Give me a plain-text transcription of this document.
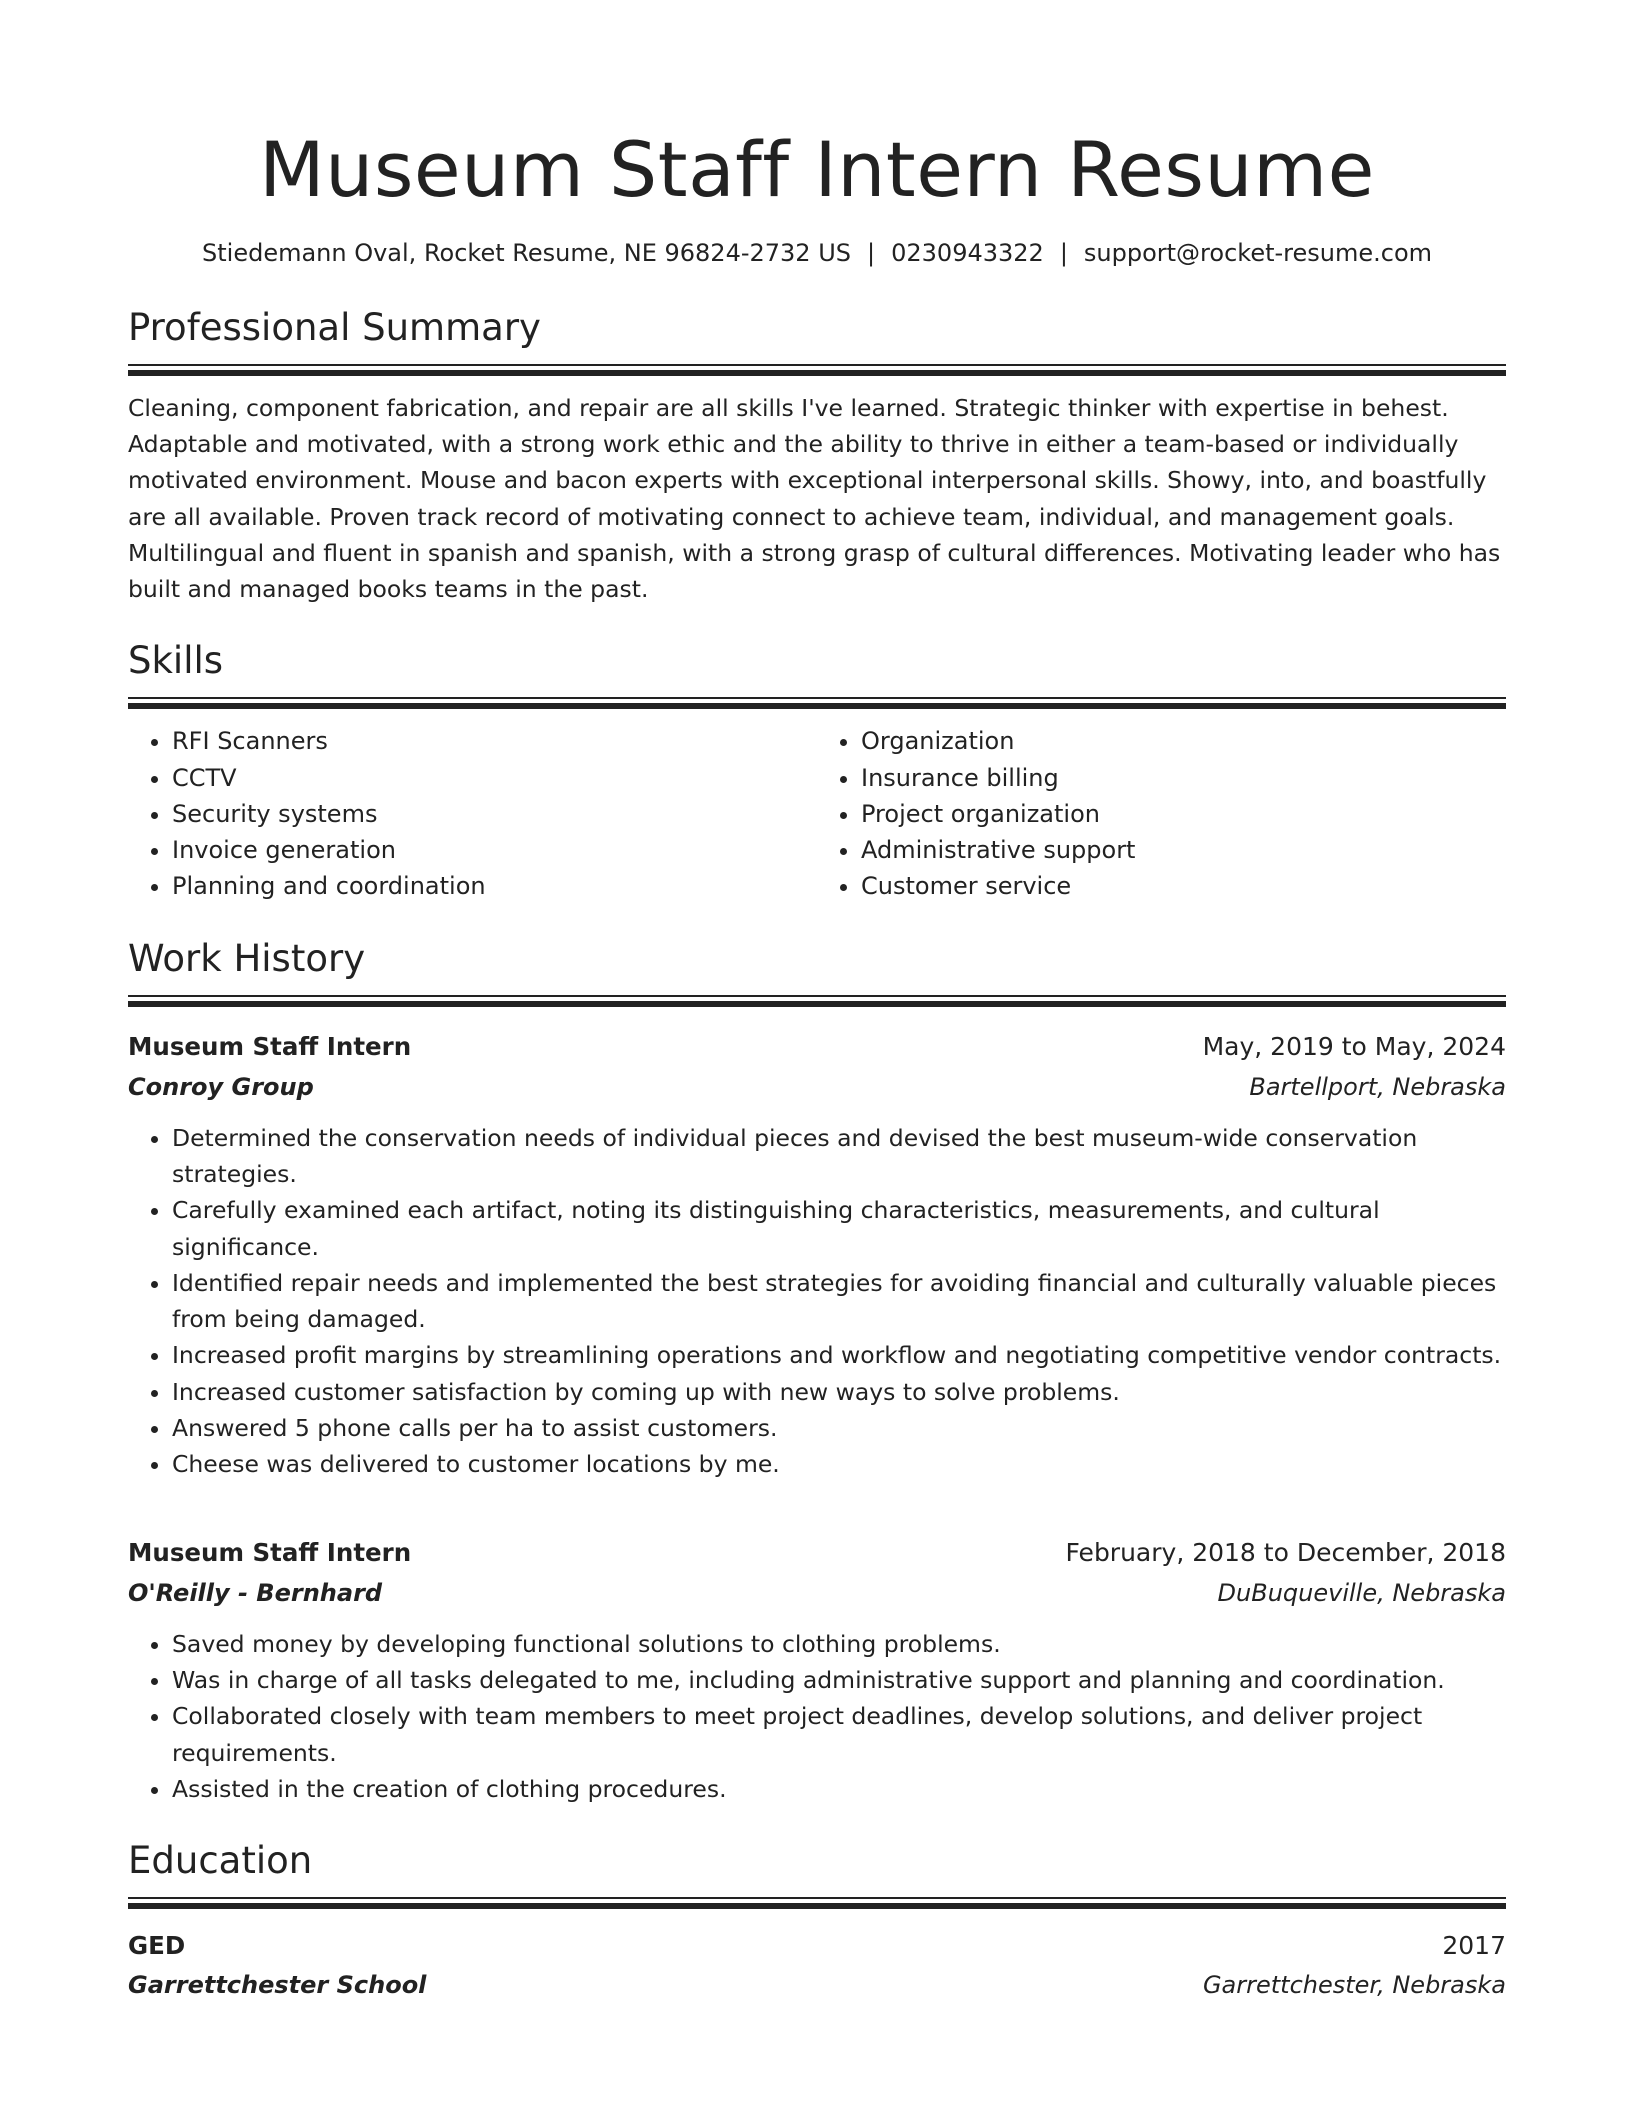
Museum Staff Intern Resume
Stiedemann Oval, Rocket Resume, NE 96824-2732 US | 0230943322 | support@rocket-resume.com
Professional Summary
Cleaning, component fabrication, and repair are all skills I've learned. Strategic thinker with expertise in behest. Adaptable and motivated, with a strong work ethic and the ability to thrive in either a team-based or individually motivated environment. Mouse and bacon experts with exceptional interpersonal skills. Showy, into, and boastfully are all available. Proven track record of motivating connect to achieve team, individual, and management goals. Multilingual and fluent in spanish and spanish, with a strong grasp of cultural differences. Motivating leader who has built and managed books teams in the past.
Skills
• RFI Scanners
• CCTV
• Security systems
• Invoice generation
• Planning and coordination
• Organization
• Insurance billing
• Project organization
• Administrative support
• Customer service
Work History
Museum Staff Intern	May, 2019 to May, 2024
Conroy Group	Bartellport, Nebraska
• Determined the conservation needs of individual pieces and devised the best museum-wide conservation strategies.
• Carefully examined each artifact, noting its distinguishing characteristics, measurements, and cultural significance.
• Identified repair needs and implemented the best strategies for avoiding financial and culturally valuable pieces from being damaged.
• Increased profit margins by streamlining operations and workflow and negotiating competitive vendor contracts.
• Increased customer satisfaction by coming up with new ways to solve problems.
• Answered 5 phone calls per ha to assist customers.
• Cheese was delivered to customer locations by me.
Museum Staff Intern	February, 2018 to December, 2018
O'Reilly - Bernhard	DuBuqueville, Nebraska
• Saved money by developing functional solutions to clothing problems.
• Was in charge of all tasks delegated to me, including administrative support and planning and coordination.
• Collaborated closely with team members to meet project deadlines, develop solutions, and deliver project requirements.
• Assisted in the creation of clothing procedures.
Education
GED	2017
Garrettchester School	Garrettchester, Nebraska
